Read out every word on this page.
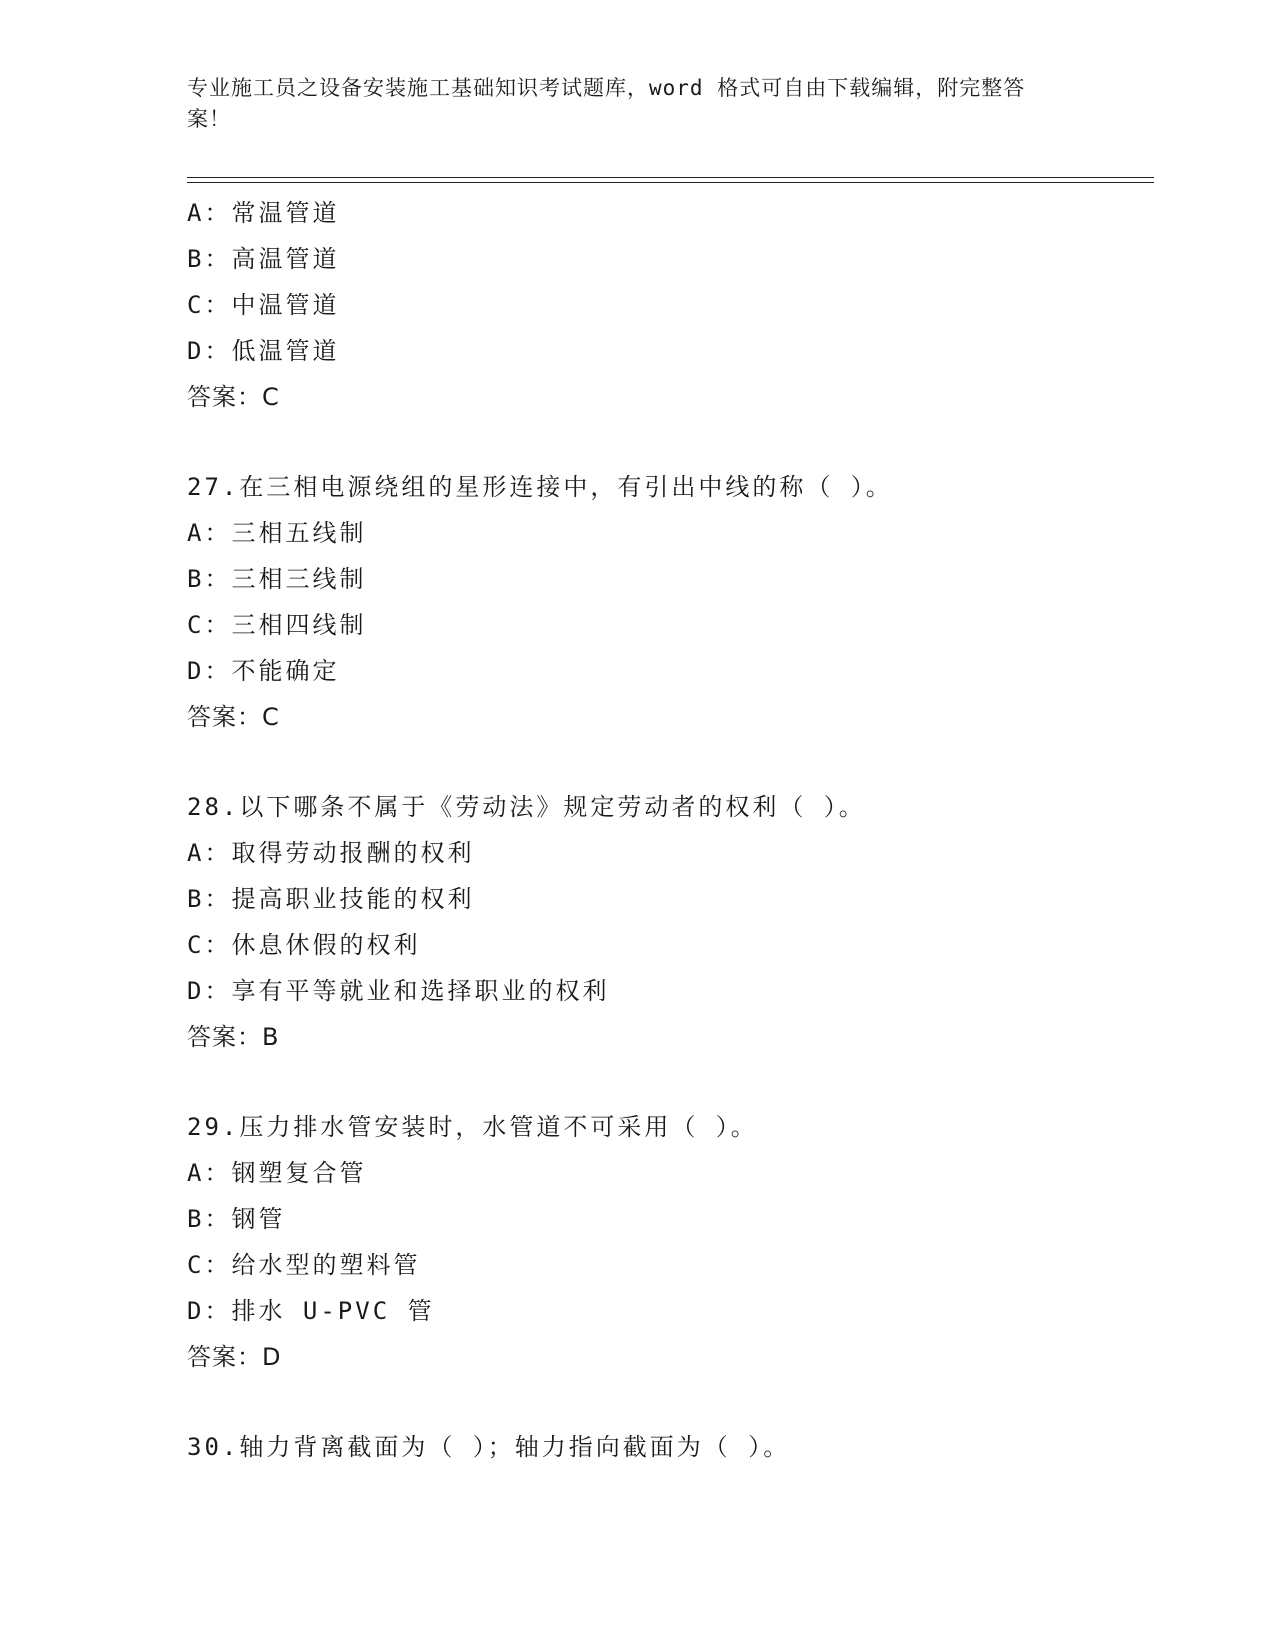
专业施工员之设备安装施工基础知识考试题库，word 格式可自由下载编辑，附完整答案！
A：常温管道
B：高温管道
C：中温管道
D：低温管道
答案：C
27.在三相电源绕组的星形连接中，有引出中线的称（ ）。
A：三相五线制
B：三相三线制
C：三相四线制
D：不能确定
答案：C
28.以下哪条不属于《劳动法》规定劳动者的权利（ ）。
A：取得劳动报酬的权利
B：提高职业技能的权利
C：休息休假的权利
D：享有平等就业和选择职业的权利
答案：B
29.压力排水管安装时，水管道不可采用（ ）。
A：钢塑复合管
B：钢管
C：给水型的塑料管
D：排水 U-PVC 管
答案：D
30.轴力背离截面为（ ）；轴力指向截面为（ ）。
